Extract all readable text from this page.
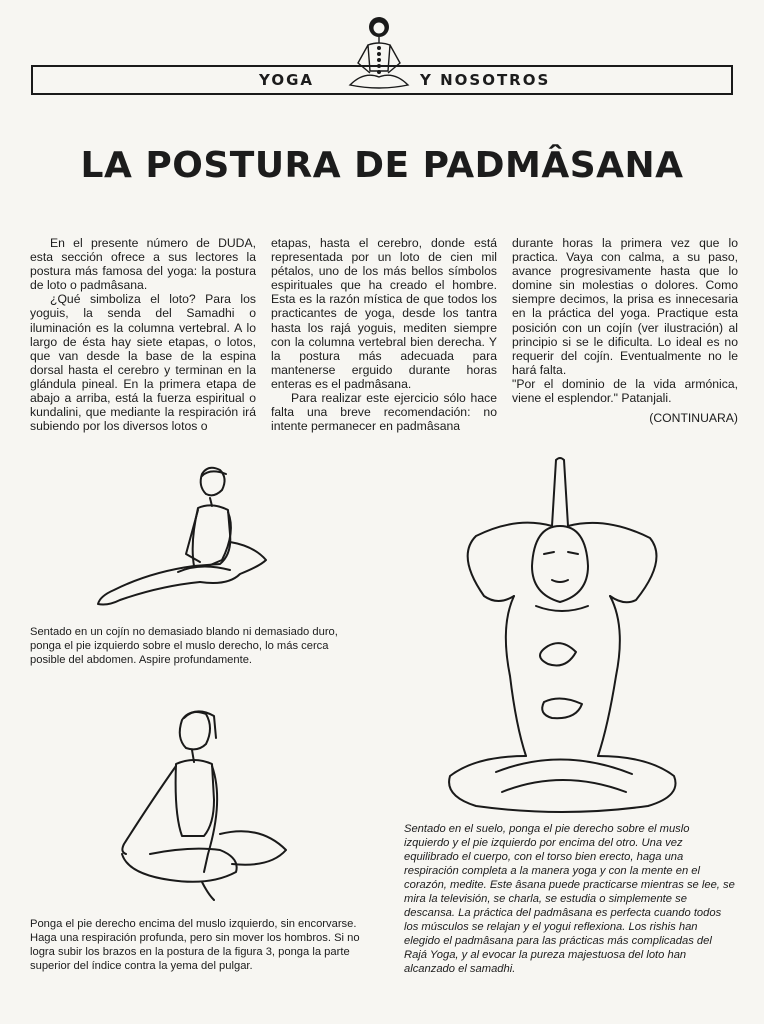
YOGA	Y NOSOTROS
LA POSTURA DE PADMÂSANA

En el presente número de DUDA, esta sección ofrece a sus lectores la postura más famosa del yoga: la postura de loto o padmâsana.

¿Qué simboliza el loto? Para los yoguis, la senda del Samadhi o iluminación es la columna vertebral. A lo largo de ésta hay siete etapas, o lotos, que van desde la base de la espina dorsal hasta el cerebro y terminan en la glándula pineal. En la primera etapa de abajo a arriba, está la fuerza espiritual o kundalini, que mediante la respiración irá subiendo por los diversos lotos o

etapas, hasta el cerebro, donde está representada por un loto de cien mil pétalos, uno de los más bellos símbolos espirituales que ha creado el hombre. Esta es la razón mística de que todos los practicantes de yoga, desde los tantra hasta los rajá yoguis, mediten siempre con la columna vertebral bien derecha. Y la postura más adecuada para mantenerse erguido durante horas enteras es el padmâsana.

Para realizar este ejercicio sólo hace falta una breve recomendación: no intente permanecer en padmâsana

durante horas la primera vez que lo practica. Vaya con calma, a su paso, avance progresivamente hasta que lo domine sin molestias o dolores. Como siempre decimos, la prisa es innecesaria en la práctica del yoga. Practique esta posición con un cojín (ver ilustración) al principio si se le dificulta. Lo ideal es no requerir del cojín. Eventualmente no le hará falta.

"Por el dominio de la vida armónica, viene el esplendor." Patanjali.

(CONTINUARA)

Sentado en un cojín no demasiado blando ni demasiado duro, ponga el pie izquierdo sobre el muslo derecho, lo más cerca posible del abdomen. Aspire profundamente.

Ponga el pie derecho encima del muslo izquierdo, sin encorvarse. Haga una respiración profunda, pero sin mover los hombros. Si no logra subir los brazos en la postura de la figura 3, ponga la parte superior del índice contra la yema del pulgar.

Sentado en el suelo, ponga el pie derecho sobre el muslo izquierdo y el pie izquierdo por encima del otro. Una vez equilibrado el cuerpo, con el torso bien erecto, haga una respiración completa a la manera yoga y con la mente en el corazón, medite. Este âsana puede practicarse mientras se lee, se mira la televisión, se charla, se estudia o simplemente se descansa. La práctica del padmâsana es perfecta cuando todos los músculos se relajan y el yogui reflexiona. Los rishis han elegido el padmâsana para las prácticas más complicadas del Rajá Yoga, y al evocar la pureza majestuosa del loto han alcanzado el samadhi.
